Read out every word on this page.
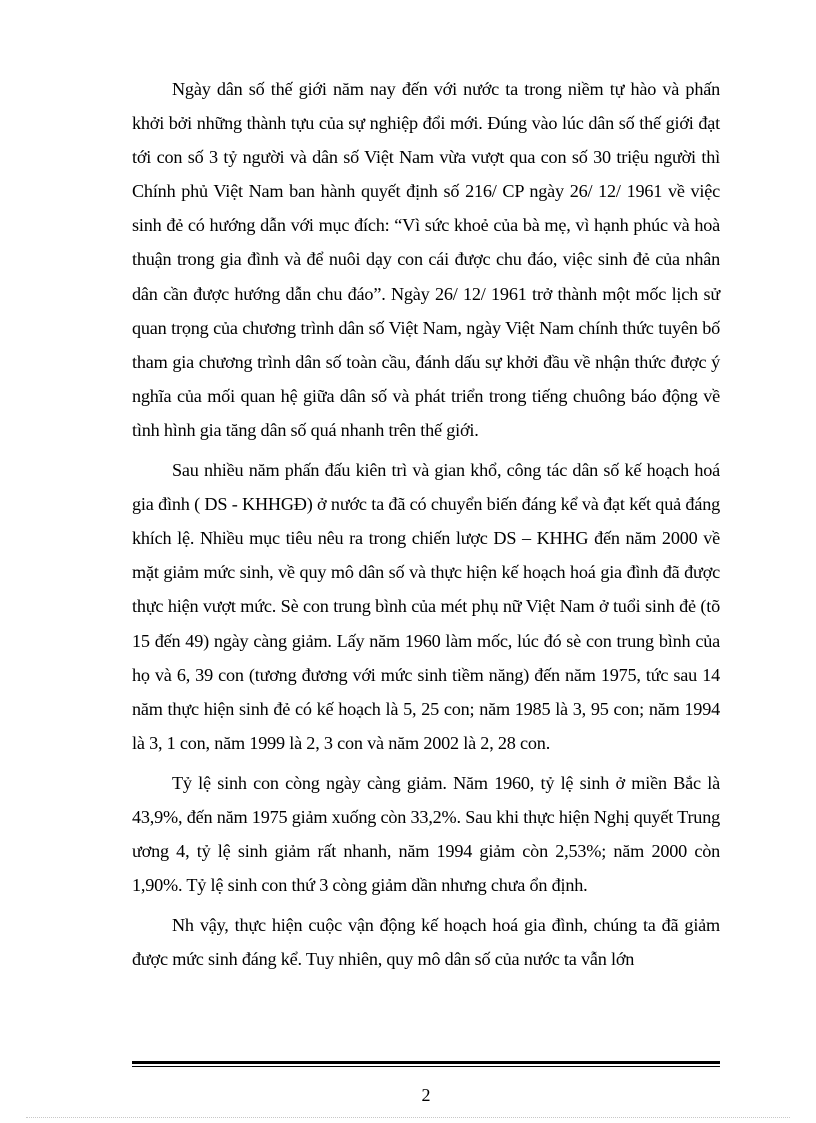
Ngày dân số thế giới năm nay đến với nước ta trong niềm tự hào và phấn khởi bởi những thành tựu của sự nghiệp đổi mới. Đúng vào lúc dân số thế giới đạt tới con số 3 tỷ người và dân số Việt Nam vừa vượt qua con số 30 triệu người thì Chính phủ Việt Nam ban hành quyết định số 216/ CP ngày 26/ 12/ 1961 về việc sinh đẻ có hướng dẫn với mục đích: “Vì sức khoẻ của bà mẹ, vì hạnh phúc và hoà thuận trong gia đình và để nuôi dạy con cái được chu đáo, việc sinh đẻ của nhân dân cần được hướng dẫn chu đáo”. Ngày 26/ 12/ 1961 trở thành một mốc lịch sử quan trọng của chương trình dân số Việt Nam, ngày Việt Nam chính thức tuyên bố tham gia chương trình dân số toàn cầu, đánh dấu sự khởi đầu về nhận thức được ý nghĩa của mối quan hệ giữa dân số và phát triển trong tiếng chuông báo động về tình hình gia tăng dân số quá nhanh trên thế giới.

Sau nhiều năm phấn đấu kiên trì và gian khổ, công tác dân số kế hoạch hoá gia đình ( DS - KHHGĐ) ở nước ta đã có chuyển biến đáng kể và đạt kết quả đáng khích lệ. Nhiều mục tiêu nêu ra trong chiến lược DS – KHHG đến năm 2000 về mặt giảm mức sinh, về quy mô dân số và thực hiện kế hoạch hoá gia đình đã được thực hiện vượt mức. Sè con trung bình của mét phụ nữ Việt Nam ở tuổi sinh đẻ (tõ 15 đến 49) ngày càng giảm. Lấy năm 1960 làm mốc, lúc đó sè con trung bình của họ và 6, 39 con (tương đương với mức sinh tiềm năng) đến năm 1975, tức sau 14 năm thực hiện sinh đẻ có kế hoạch là 5, 25 con; năm 1985 là 3, 95 con; năm 1994 là 3, 1 con, năm 1999 là 2, 3 con và năm 2002 là 2, 28 con.

Tỷ lệ sinh con còng ngày càng giảm. Năm 1960, tỷ lệ sinh ở miền Bắc là 43,9%, đến năm 1975 giảm xuống còn 33,2%. Sau khi thực hiện Nghị quyết Trung ương 4, tỷ lệ sinh giảm rất nhanh, năm 1994 giảm còn 2,53%; năm 2000 còn 1,90%. Tỷ lệ sinh con thứ 3 còng giảm dần nhưng chưa ổn định.

Nh vậy, thực hiện cuộc vận động kế hoạch hoá gia đình, chúng ta đã giảm được mức sinh đáng kể. Tuy nhiên, quy mô dân số của nước ta vẫn lớn

2
